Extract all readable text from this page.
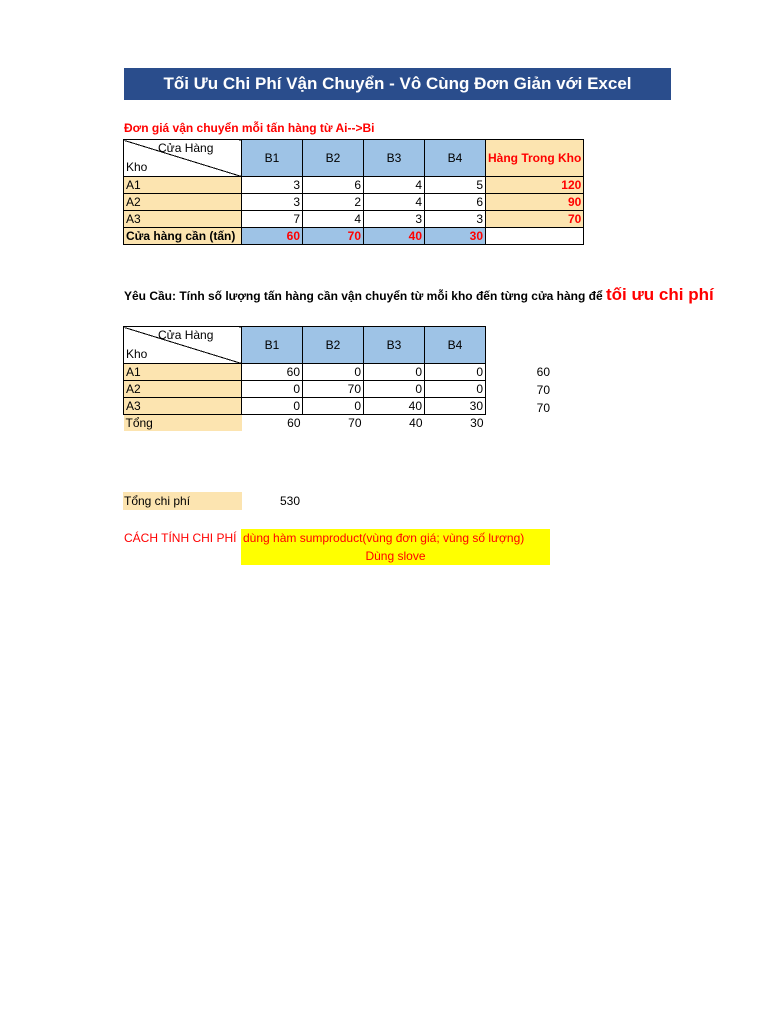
Tối Ưu Chi Phí Vận Chuyển - Vô Cùng Đơn Giản với Excel
Đơn giá vận chuyển mỗi tấn hàng từ Ai-->Bi
Cửa Hàng
Kho	B1	B2	B3	B4	Hàng Trong Kho
A1	3	6	4	5	120
A2	3	2	4	6	90
A3	7	4	3	3	70
Cửa hàng cần (tấn)	60	70	40	30	
Yêu Cầu: Tính số lượng tấn hàng cần vận chuyển từ mỗi kho đến từng cửa hàng để tối ưu chi phí
Cửa Hàng
Kho	B1	B2	B3	B4
A1	60	0	0	0
A2	0	70	0	0
A3	0	0	40	30
Tổng	60	70	40	30
60
70
70
Tổng chi phí	530
CÁCH TÍNH CHI PHÍ dùng hàm sumproduct(vùng đơn giá; vùng số lượng)
Dùng slove
